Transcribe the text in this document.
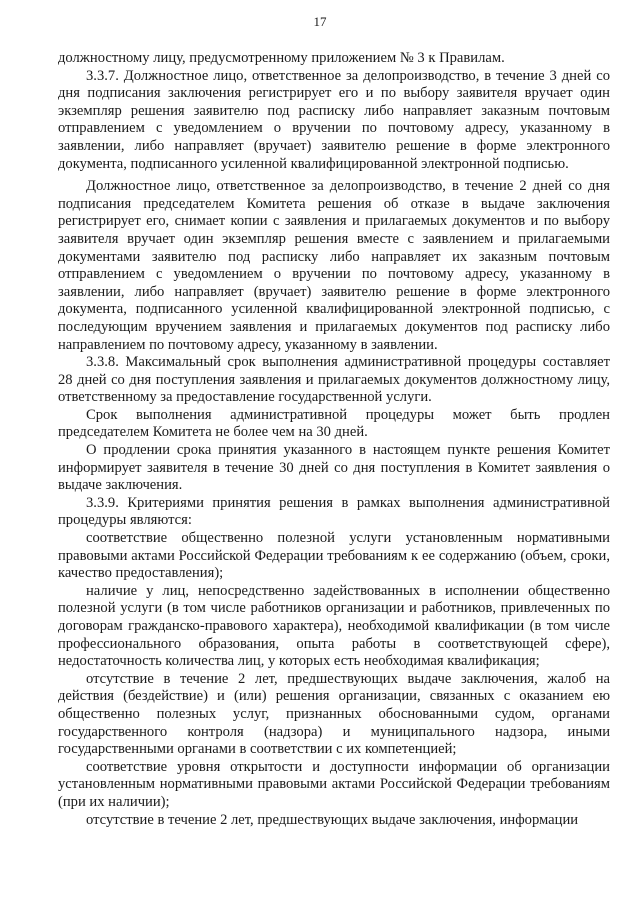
17

должностному лицу, предусмотренному приложением № 3 к Правилам.

3.3.7. Должностное лицо, ответственное за делопроизводство, в течение 3 дней со дня подписания заключения регистрирует его и по выбору заявителя вручает один экземпляр решения заявителю под расписку либо направляет заказным почтовым отправлением с уведомлением о вручении по почтовому адресу, указанному в заявлении, либо направляет (вручает) заявителю решение в форме электронного документа, подписанного усиленной квалифицированной электронной подписью.

Должностное лицо, ответственное за делопроизводство, в течение 2 дней со дня подписания председателем Комитета решения об отказе в выдаче заключения регистрирует его, снимает копии с заявления и прилагаемых документов и по выбору заявителя вручает один экземпляр решения вместе с заявлением и прилагаемыми документами заявителю под расписку либо направляет их заказным почтовым отправлением с уведомлением о вручении по почтовому адресу, указанному в заявлении, либо направляет (вручает) заявителю решение в форме электронного документа, подписанного усиленной квалифицированной электронной подписью, с последующим вручением заявления и прилагаемых документов под расписку либо направлением по почтовому адресу, указанному в заявлении.

3.3.8. Максимальный срок выполнения административной процедуры составляет 28 дней со дня поступления заявления и прилагаемых документов должностному лицу, ответственному за предоставление государственной услуги.

Срок выполнения административной процедуры может быть продлен председателем Комитета не более чем на 30 дней.

О продлении срока принятия указанного в настоящем пункте решения Комитет информирует заявителя в течение 30 дней со дня поступления в Комитет заявления о выдаче заключения.

3.3.9. Критериями принятия решения в рамках выполнения административной процедуры являются:

соответствие общественно полезной услуги установленным нормативными правовыми актами Российской Федерации требованиям к ее содержанию (объем, сроки, качество предоставления);

наличие у лиц, непосредственно задействованных в исполнении общественно полезной услуги (в том числе работников организации и работников, привлеченных по договорам гражданско-правового характера), необходимой квалификации (в том числе профессионального образования, опыта работы в соответствующей сфере), недостаточность количества лиц, у которых есть необходимая квалификация;

отсутствие в течение 2 лет, предшествующих выдаче заключения, жалоб на действия (бездействие) и (или) решения организации, связанных с оказанием ею общественно полезных услуг, признанных обоснованными судом, органами государственного контроля (надзора) и муниципального надзора, иными государственными органами в соответствии с их компетенцией;

соответствие уровня открытости и доступности информации об организации установленным нормативными правовыми актами Российской Федерации требованиям (при их наличии);

отсутствие в течение 2 лет, предшествующих выдаче заключения, информации
